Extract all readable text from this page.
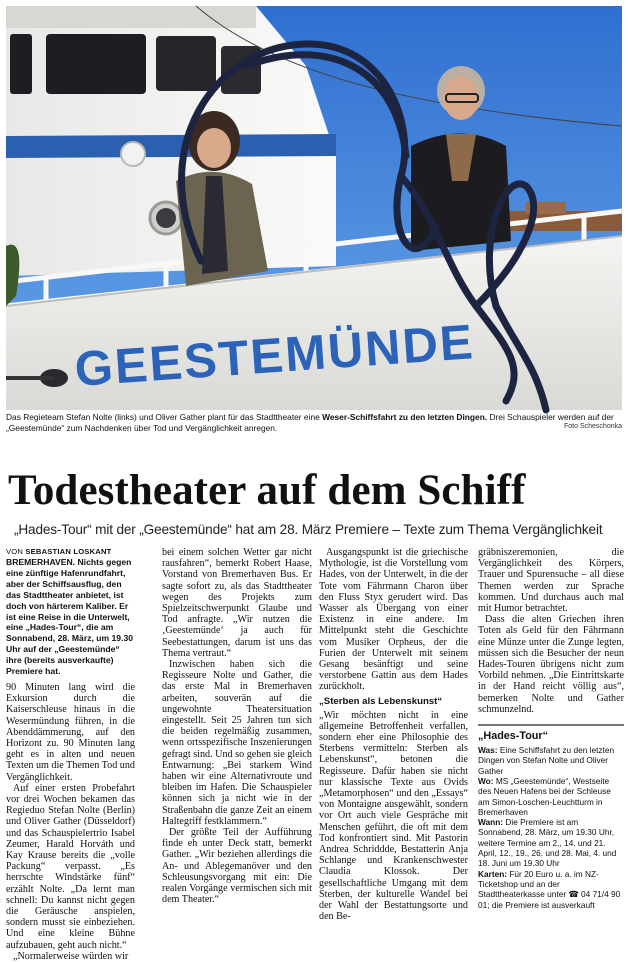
GEESTEMÜNDE
Das Regieteam Stefan Nolte (links) und Oliver Gather plant für das Stadttheater eine Weser-Schiffsfahrt zu den letzten Dingen. Drei Schauspieler werden auf der „Geestemünde“ zum Nachdenken über Tod und Vergänglichkeit anregen.	Foto Scheschonka
Todestheater auf dem Schiff
„Hades-Tour“ mit der „Geestemünde“ hat am 28. März Premiere – Texte zum Thema Vergänglichkeit
VON SEBASTIAN LOSKANT

BREMERHAVEN. Nichts gegen eine zünftige Hafenrundfahrt, aber der Schiffsausflug, den das Stadttheater anbietet, ist doch von härterem Kaliber. Er ist eine Reise in die Unterwelt, eine „Hades-Tour“, die am Sonnabend, 28. März, um 19.30 Uhr auf der „Geestemünde“ ihre (bereits ausverkaufte) Premiere hat.

90 Minuten lang wird die Exkursion durch die Kaiserschleuse hinaus in die Wesermündung führen, in die Abenddämmerung, auf den Horizont zu. 90 Minuten lang geht es in alten und neuen Texten um die Themen Tod und Vergänglichkeit.

Auf einer ersten Probefahrt vor drei Wochen bekamen das Regieduo Stefan Nolte (Berlin) und Oliver Gather (Düsseldorf) und das Schauspielertrio Isabel Zeumer, Harald Horváth und Kay Krause bereits die „volle Packung“ verpasst. „Es herrschte Windstärke fünf“ erzählt Nolte. „Da lernt man schnell: Du kannst nicht gegen die Geräusche anspielen, sondern musst sie einbeziehen. Und eine kleine Bühne aufzubauen, geht auch nicht.“

„Normalerweise würden wir

bei einem solchen Wetter gar nicht rausfahren“, bemerkt Robert Haase, Vorstand von Bremerhaven Bus. Er sagte sofort zu, als das Stadttheater wegen des Projekts zum Spielzeitschwerpunkt Glaube und Tod anfragte. „Wir nutzen die ‚Geestemünde‘ ja auch für Seebestattungen, darum ist uns das Thema vertraut.“

Inzwischen haben sich die Regisseure Nolte und Gather, die das erste Mal in Bremerhaven arbeiten, souverän auf die ungewohnte Theatersituation eingestellt. Seit 25 Jahren tun sich die beiden regelmäßig zusammen, wenn ortsspezifische Inszenierungen gefragt sind. Und so gehen sie gleich Entwarnung: „Bei starkem Wind haben wir eine Alternativroute und bleiben im Hafen. Die Schauspieler können sich ja nicht wie in der Straßenbahn die ganze Zeit an einem Haltegriff festklammern.“

Der größte Teil der Aufführung finde eh unter Deck statt, bemerkt Gather. „Wir beziehen allerdings die An- und Ablegemanöver und den Schleusungsvorgang mit ein: Die realen Vorgänge vermischen sich mit dem Theater.“

Ausgangspunkt ist die griechische Mythologie, ist die Vorstellung vom Hades, von der Unterwelt, in die der Tote vom Fährmann Charon über den Fluss Styx gerudert wird. Das Wasser als Übergang von einer Existenz in eine andere. Im Mittelpunkt steht die Geschichte vom Musiker Orpheus, der die Furien der Unterwelt mit seinem Gesang besänftigt und seine verstorbene Gattin aus dem Hades zurückholt.

„Sterben als Lebenskunst“

„Wir möchten nicht in eine allgemeine Betroffenheit verfallen, sondern eher eine Philosophie des Sterbens vermitteln: Sterben als Lebenskunst“, betonen die Regisseure. Dafür haben sie nicht nur klassische Texte aus Ovids „Metamorphosen“ und den „Essays“ von Montaigne ausgewählt, sondern vor Ort auch viele Gespräche mit Menschen geführt, die oft mit dem Tod konfrontiert sind. Mit Pastorin Andrea Schriddde, Bestatterin Anja Schlange und Krankenschwester Claudia Klossok. Der gesellschaftliche Umgang mit dem Sterben, der kulturelle Wandel bei der Wahl der Bestattungsorte und den Be-

gräbniszeremonien, die Vergänglichkeit des Körpers, Trauer und Spurensuche – all diese Themen werden zur Sprache kommen. Und durchaus auch mal mit Humor betrachtet.

Dass die alten Griechen ihren Toten als Geld für den Fährmann eine Münze unter die Zunge legten, müssen sich die Besucher der neun Hades-Touren übrigens nicht zum Vorbild nehmen. „Die Eintrittskarte in der Hand reicht völlig aus“, bemerken Nolte und Gather schmunzelnd.

„Hades-Tour“
Was: Eine Schiffsfahrt zu den letzten Dingen von Stefan Nolte und Oliver Gather
Wo: MS „Geestemünde“, Westseite des Neuen Hafens bei der Schleuse am Simon-Loschen-Leuchtturm in Bremerhaven
Wann: Die Premiere ist am Sonnabend, 28. März, um 19.30 Uhr, weitere Termine am 2., 14. und 21. April, 12., 19., 26. und 28. Mai, 4. und 18. Juni um 19.30 Uhr
Karten: Für 20 Euro u. a. im NZ-Ticketshop und an der Stadttheaterkasse unter ☎ 04 71/4 90 01; die Premiere ist ausverkauft
